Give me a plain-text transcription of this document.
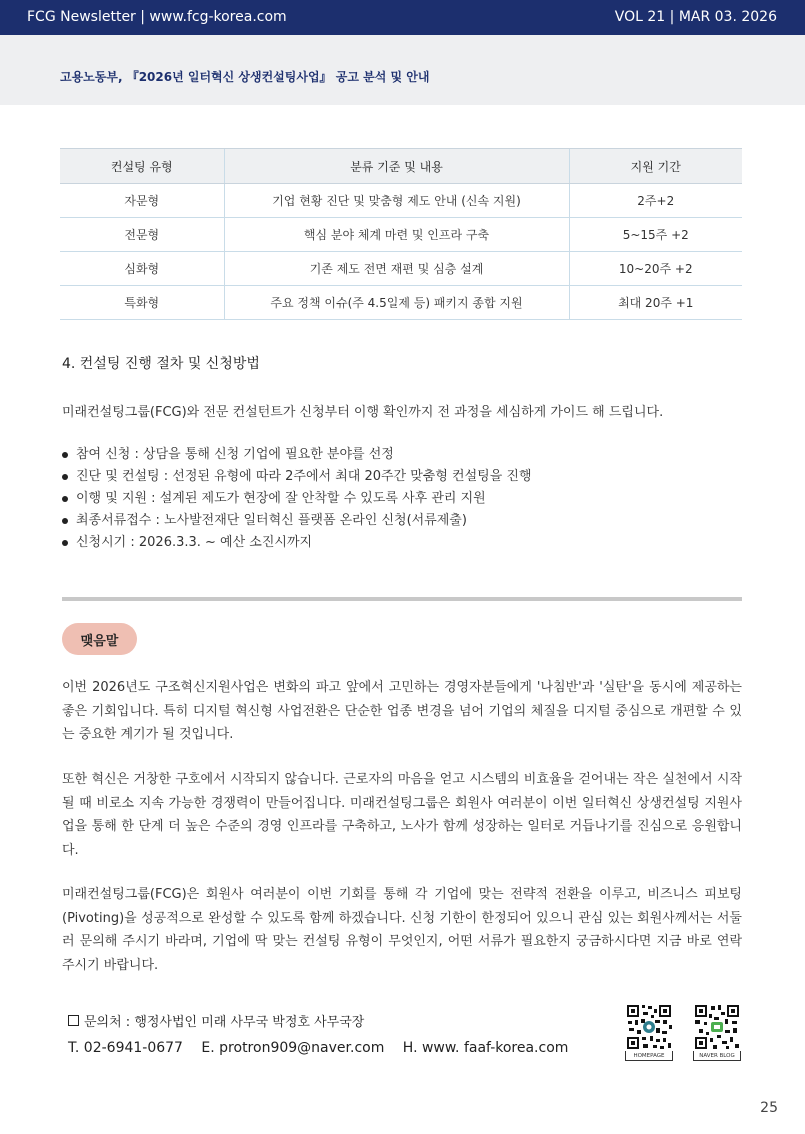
FCG Newsletter | www.fcg-korea.com	VOL 21 | MAR 03. 2026
고용노동부, 『2026년 일터혁신 상생컨설팅사업』 공고 분석 및 안내
컨설팅 유형	분류 기준 및 내용	지원 기간
자문형	기업 현황 진단 및 맞춤형 제도 안내 (신속 지원)	2주+2
전문형	핵심 분야 체계 마련 및 인프라 구축	5~15주 +2
심화형	기존 제도 전면 재편 및 심층 설계	10~20주 +2
특화형	주요 정책 이슈(주 4.5일제 등) 패키지 종합 지원	최대 20주 +1
4. 컨설팅 진행 절차 및 신청방법
미래컨설팅그룹(FCG)와 전문 컨설턴트가 신청부터 이행 확인까지 전 과정을 세심하게 가이드 해 드립니다.
참여 신청 : 상담을 통해 신청 기업에 필요한 분야를 선정
진단 및 컨설팅 : 선정된 유형에 따라 2주에서 최대 20주간 맞춤형 컨설팅을 진행
이행 및 지원 : 설계된 제도가 현장에 잘 안착할 수 있도록 사후 관리 지원
최종서류접수 : 노사발전재단 일터혁신 플랫폼 온라인 신청(서류제출)
신청시기 : 2026.3.3. ~ 예산 소진시까지
맺음말

이번 2026년도 구조혁신지원사업은 변화의 파고 앞에서 고민하는 경영자분들에게 '나침반'과 '실탄'을 동시에 제공하는 좋은 기회입니다. 특히 디지털 혁신형 사업전환은 단순한 업종 변경을 넘어 기업의 체질을 디지털 중심으로 개편할 수 있는 중요한 계기가 될 것입니다.

또한 혁신은 거창한 구호에서 시작되지 않습니다. 근로자의 마음을 얻고 시스템의 비효율을 걷어내는 작은 실천에서 시작될 때 비로소 지속 가능한 경쟁력이 만들어집니다. 미래컨설팅그룹은 회원사 여러분이 이번 일터혁신 상생컨설팅 지원사업을 통해 한 단계 더 높은 수준의 경영 인프라를 구축하고, 노사가 함께 성장하는 일터로 거듭나기를 진심으로 응원합니다.

미래컨설팅그룹(FCG)은 회원사 여러분이 이번 기회를 통해 각 기업에 맞는 전략적 전환을 이루고, 비즈니스 피보팅(Pivoting)을 성공적으로 완성할 수 있도록 함께 하겠습니다. 신청 기한이 한정되어 있으니 관심 있는 회원사께서는 서둘러 문의해 주시기 바라며, 기업에 딱 맞는 컨설팅 유형이 무엇인지, 어떤 서류가 필요한지 궁금하시다면 지금 바로 연락 주시기 바랍니다.

문의처 : 행정사법인 미래 사무국 박정호 사무국장
T. 02-6941-0677 E. protron909@naver.com H. www. faaf-korea.com	HOMEPAGE	NAVER BLOG
25
